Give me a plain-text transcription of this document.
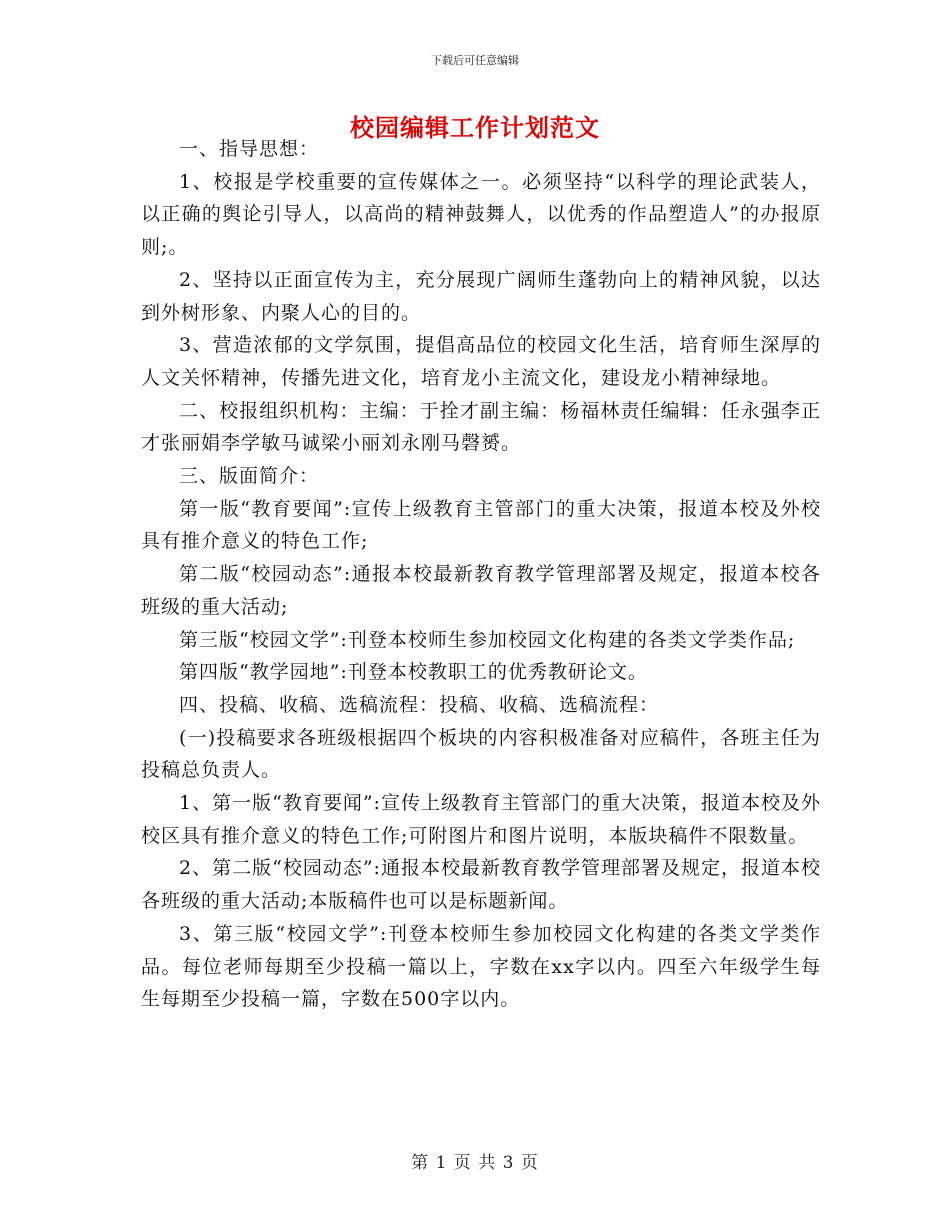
下载后可任意编辑
校园编辑工作计划范文

一、指导思想：

1、校报是学校重要的宣传媒体之一。必须坚持“以科学的理论武装人，以正确的舆论引导人，以高尚的精神鼓舞人，以优秀的作品塑造人”的办报原则;。

2、坚持以正面宣传为主，充分展现广阔师生蓬勃向上的精神风貌，以达到外树形象、内聚人心的目的。

3、营造浓郁的文学氛围，提倡高品位的校园文化生活，培育师生深厚的人文关怀精神，传播先进文化，培育龙小主流文化，建设龙小精神绿地。

二、校报组织机构：主编：于拴才副主编：杨福林责任编辑：任永强李正才张丽娟李学敏马诚梁小丽刘永刚马磬赟。

三、版面简介：

第一版“教育要闻”:宣传上级教育主管部门的重大决策，报道本校及外校具有推介意义的特色工作;

第二版“校园动态”:通报本校最新教育教学管理部署及规定，报道本校各班级的重大活动;

第三版“校园文学”:刊登本校师生参加校园文化构建的各类文学类作品;

第四版“教学园地”:刊登本校教职工的优秀教研论文。

四、投稿、收稿、选稿流程：投稿、收稿、选稿流程：

(一)投稿要求各班级根据四个板块的内容积极准备对应稿件，各班主任为投稿总负责人。

1、第一版“教育要闻”:宣传上级教育主管部门的重大决策，报道本校及外校区具有推介意义的特色工作;可附图片和图片说明，本版块稿件不限数量。

2、第二版“校园动态”:通报本校最新教育教学管理部署及规定，报道本校各班级的重大活动;本版稿件也可以是标题新闻。

3、第三版“校园文学”:刊登本校师生参加校园文化构建的各类文学类作品。每位老师每期至少投稿一篇以上，字数在xx字以内。四至六年级学生每生每期至少投稿一篇，字数在500字以内。

第 1 页 共 3 页
